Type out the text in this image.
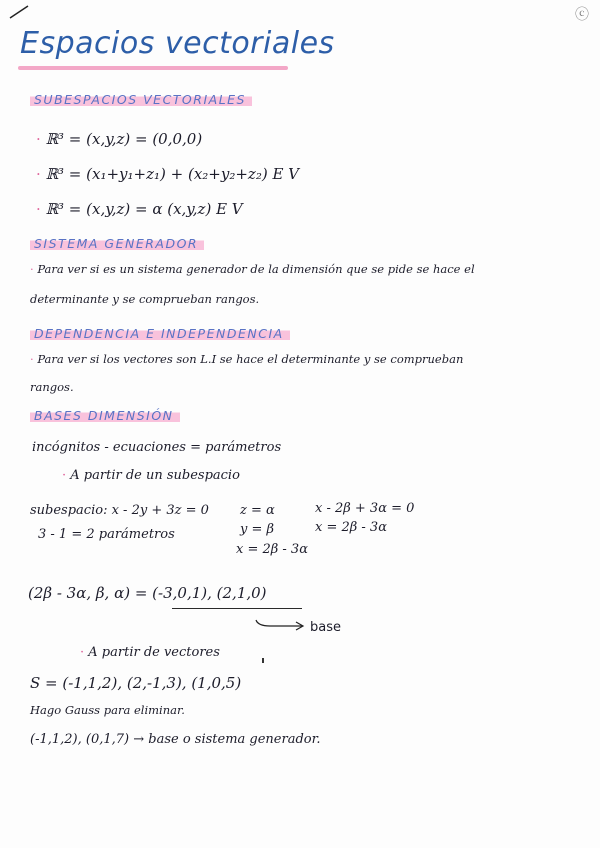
ⓒ
Espacios vectoriales
SUBESPACIOS VECTORIALES
· ℝ³ = (x,y,z) = (0,0,0)
· ℝ³ = (x₁+y₁+z₁) + (x₂+y₂+z₂) E V
· ℝ³ = (x,y,z) = α (x,y,z) E V
SISTEMA GENERADOR
· Para ver si es un sistema generador de la dimensión que se pide se hace el
determinante y se comprueban rangos.
DEPENDENCIA E INDEPENDENCIA
· Para ver si los vectores son L.I se hace el determinante y se comprueban
rangos.
BASES DIMENSIÓN
incógnitos - ecuaciones = parámetros
· A partir de un subespacio
subespacio: x - 2y + 3z = 0
3 - 1 = 2 parámetros
z = α
y = β
x = 2β - 3α
x - 2β + 3α = 0
x = 2β - 3α
(2β - 3α, β, α) = (-3,0,1), (2,1,0)
base
· A partir de vectores
S = (-1,1,2), (2,-1,3), (1,0,5)
Hago Gauss para eliminar.
(-1,1,2), (0,1,7) → base o sistema generador.
